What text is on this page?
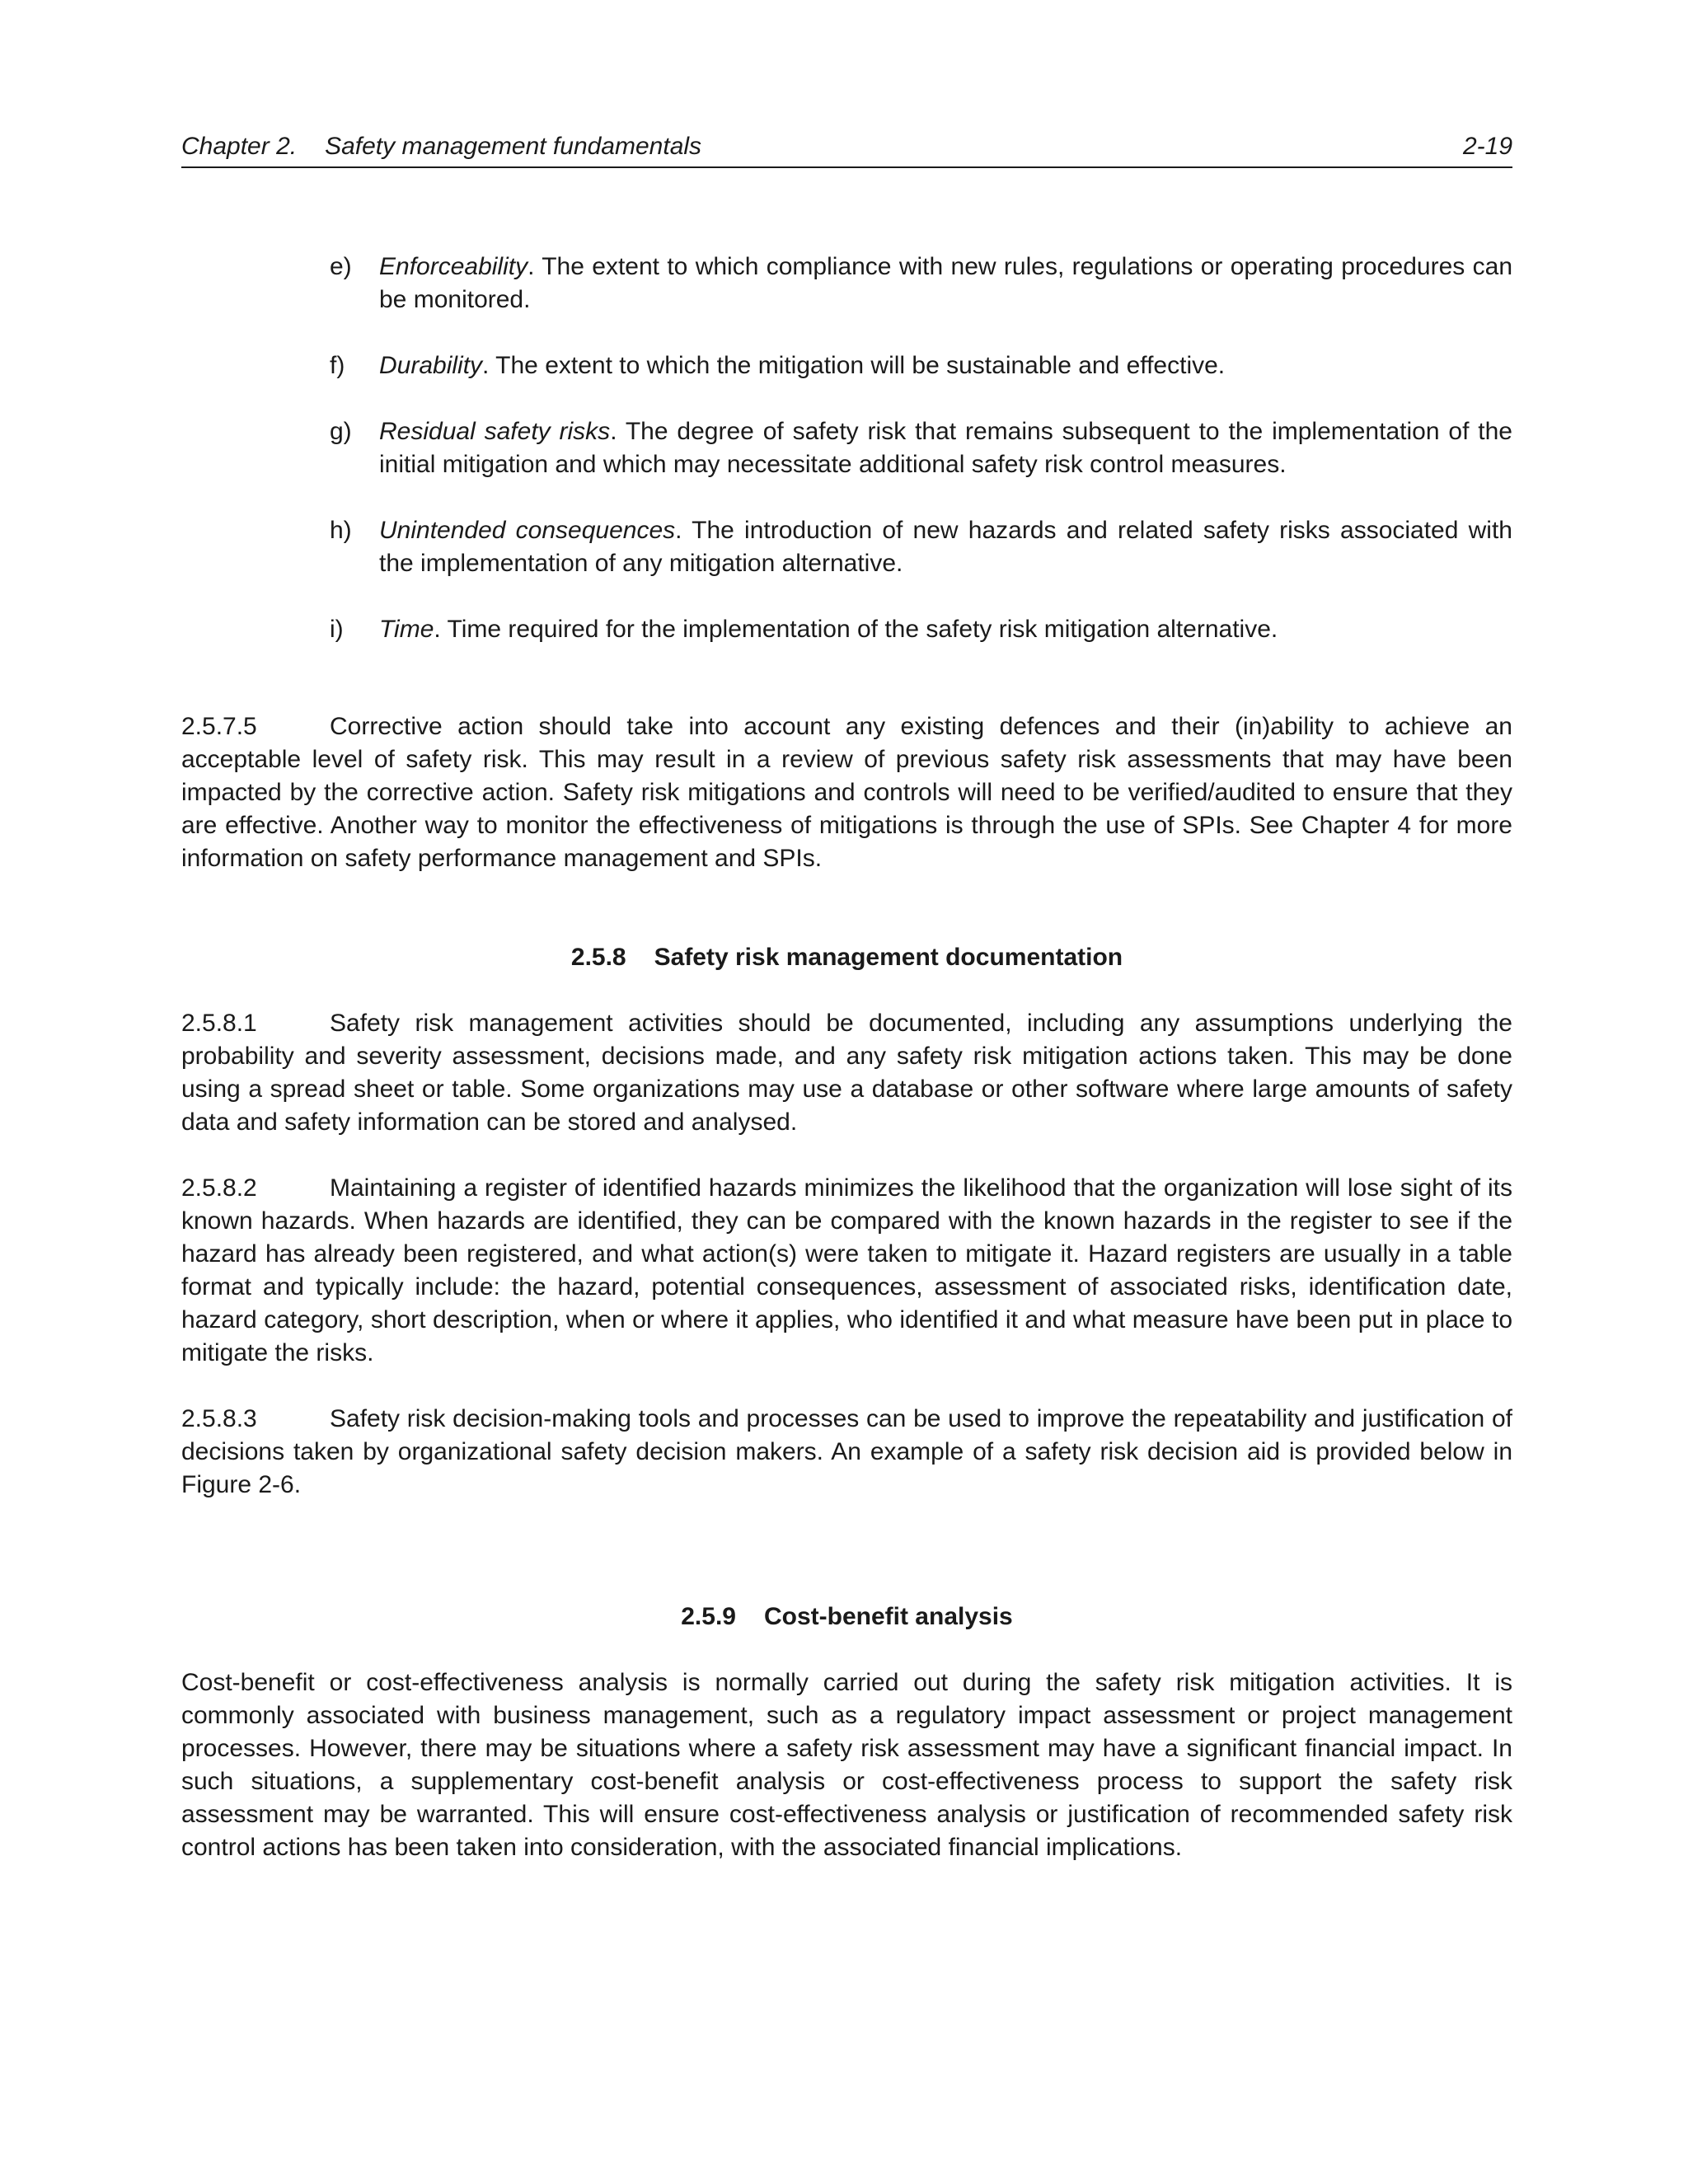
Chapter 2. Safety management fundamentals	2-19
e)	Enforceability. The extent to which compliance with new rules, regulations or operating procedures can be monitored.
f)	Durability. The extent to which the mitigation will be sustainable and effective.
g)	Residual safety risks. The degree of safety risk that remains subsequent to the implementation of the initial mitigation and which may necessitate additional safety risk control measures.
h)	Unintended consequences. The introduction of new hazards and related safety risks associated with the implementation of any mitigation alternative.
i)	Time. Time required for the implementation of the safety risk mitigation alternative.

2.5.7.5	Corrective action should take into account any existing defences and their (in)ability to achieve an acceptable level of safety risk. This may result in a review of previous safety risk assessments that may have been impacted by the corrective action. Safety risk mitigations and controls will need to be verified/audited to ensure that they are effective. Another way to monitor the effectiveness of mitigations is through the use of SPIs. See Chapter 4 for more information on safety performance management and SPIs.

2.5.8 Safety risk management documentation

2.5.8.1	Safety risk management activities should be documented, including any assumptions underlying the probability and severity assessment, decisions made, and any safety risk mitigation actions taken. This may be done using a spread sheet or table. Some organizations may use a database or other software where large amounts of safety data and safety information can be stored and analysed.

2.5.8.2	Maintaining a register of identified hazards minimizes the likelihood that the organization will lose sight of its known hazards. When hazards are identified, they can be compared with the known hazards in the register to see if the hazard has already been registered, and what action(s) were taken to mitigate it. Hazard registers are usually in a table format and typically include: the hazard, potential consequences, assessment of associated risks, identification date, hazard category, short description, when or where it applies, who identified it and what measure have been put in place to mitigate the risks.

2.5.8.3	Safety risk decision-making tools and processes can be used to improve the repeatability and justification of decisions taken by organizational safety decision makers. An example of a safety risk decision aid is provided below in Figure 2-6.

2.5.9 Cost-benefit analysis

Cost-benefit or cost-effectiveness analysis is normally carried out during the safety risk mitigation activities. It is commonly associated with business management, such as a regulatory impact assessment or project management processes. However, there may be situations where a safety risk assessment may have a significant financial impact. In such situations, a supplementary cost-benefit analysis or cost-effectiveness process to support the safety risk assessment may be warranted. This will ensure cost-effectiveness analysis or justification of recommended safety risk control actions has been taken into consideration, with the associated financial implications.
